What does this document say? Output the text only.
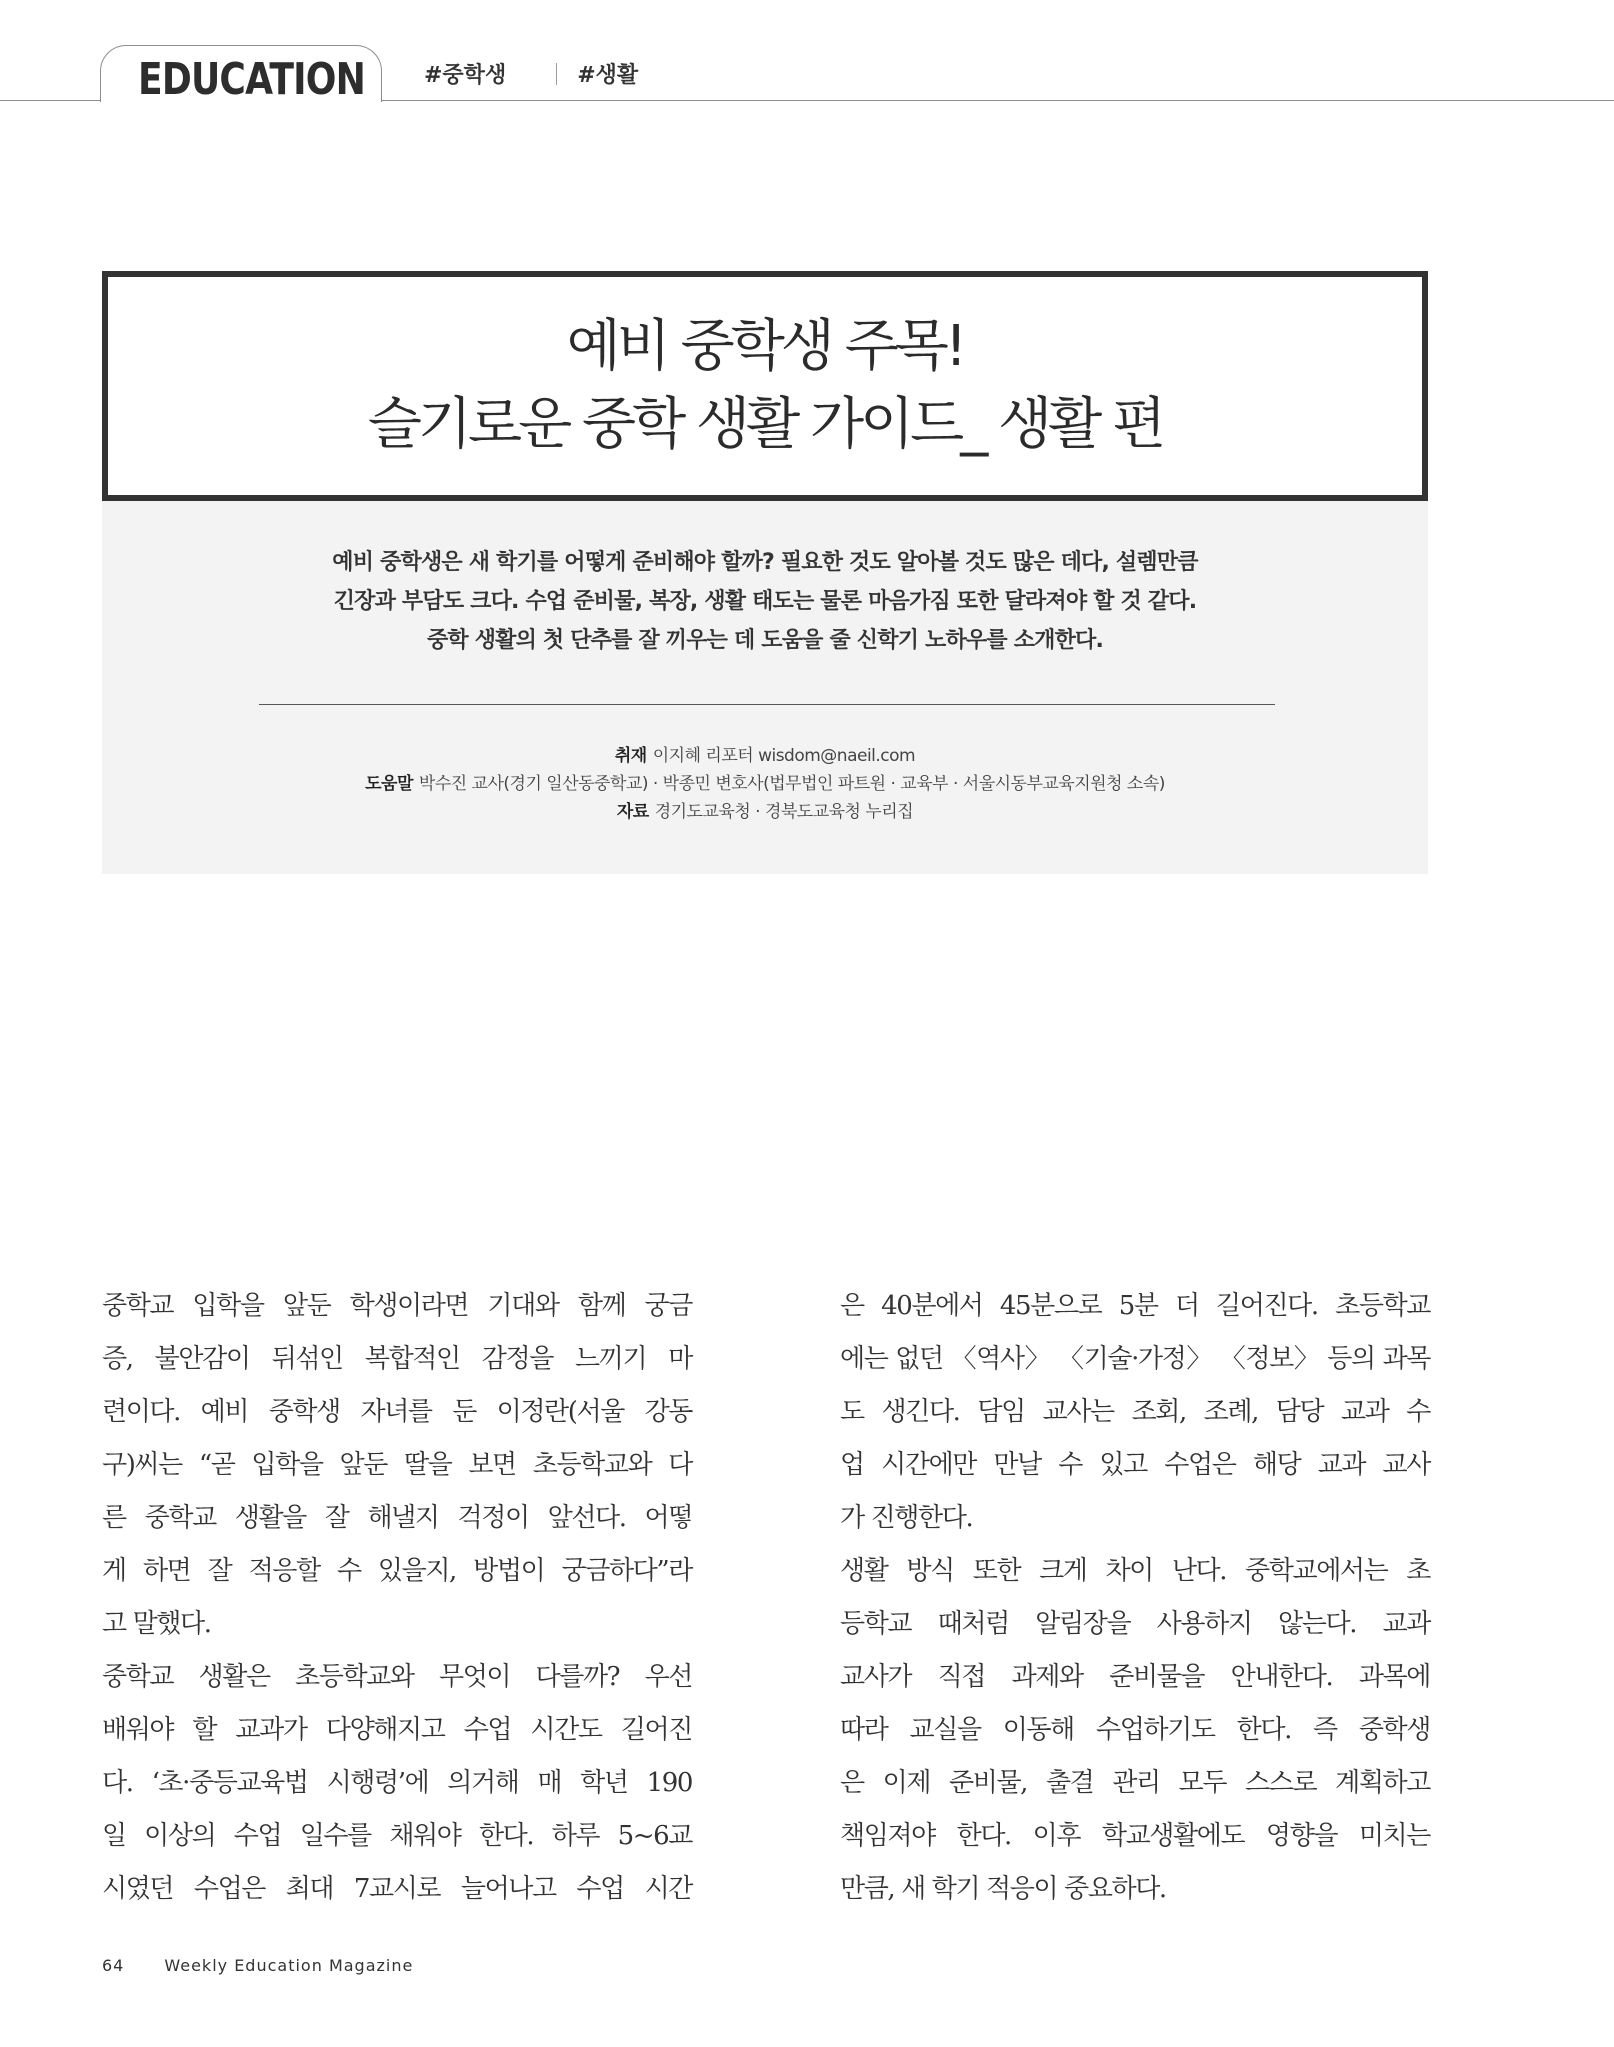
EDUCATION	#중학생	#생활
예비 중학생 주목!
슬기로운 중학 생활 가이드_ 생활 편
예비 중학생은 새 학기를 어떻게 준비해야 할까? 필요한 것도 알아볼 것도 많은 데다, 설렘만큼
긴장과 부담도 크다. 수업 준비물, 복장, 생활 태도는 물론 마음가짐 또한 달라져야 할 것 같다.
중학 생활의 첫 단추를 잘 끼우는 데 도움을 줄 신학기 노하우를 소개한다.
취재 이지혜 리포터 wisdom@naeil.com
도움말 박수진 교사(경기 일산동중학교) · 박종민 변호사(법무법인 파트원 · 교육부 · 서울시동부교육지원청 소속)
자료 경기도교육청 · 경북도교육청 누리집
중학교 입학을 앞둔 학생이라면 기대와 함께 궁금
증, 불안감이 뒤섞인 복합적인 감정을 느끼기 마
련이다. 예비 중학생 자녀를 둔 이정란(서울 강동
구)씨는 “곧 입학을 앞둔 딸을 보면 초등학교와 다
른 중학교 생활을 잘 해낼지 걱정이 앞선다. 어떻
게 하면 잘 적응할 수 있을지, 방법이 궁금하다”라
고 말했다.
중학교 생활은 초등학교와 무엇이 다를까? 우선
배워야 할 교과가 다양해지고 수업 시간도 길어진
다. ‘초·중등교육법 시행령’에 의거해 매 학년 190
일 이상의 수업 일수를 채워야 한다. 하루 5~6교
시였던 수업은 최대 7교시로 늘어나고 수업 시간
은 40분에서 45분으로 5분 더 길어진다. 초등학교
에는 없던 〈역사〉 〈기술·가정〉 〈정보〉 등의 과목
도 생긴다. 담임 교사는 조회, 조례, 담당 교과 수
업 시간에만 만날 수 있고 수업은 해당 교과 교사
가 진행한다.
생활 방식 또한 크게 차이 난다. 중학교에서는 초
등학교 때처럼 알림장을 사용하지 않는다. 교과
교사가 직접 과제와 준비물을 안내한다. 과목에
따라 교실을 이동해 수업하기도 한다. 즉 중학생
은 이제 준비물, 출결 관리 모두 스스로 계획하고
책임져야 한다. 이후 학교생활에도 영향을 미치는
만큼, 새 학기 적응이 중요하다.
64	Weekly Education Magazine
